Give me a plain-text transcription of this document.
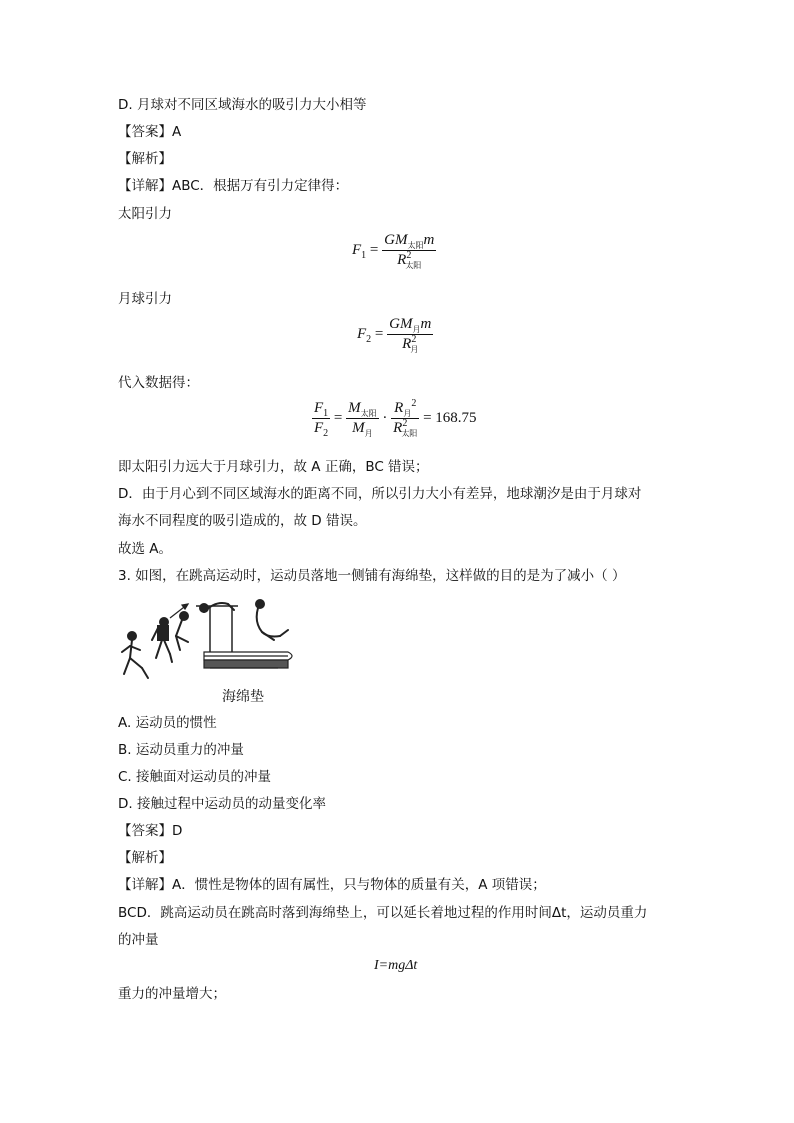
D. 月球对不同区域海水的吸引力大小相等
【答案】A
【解析】
【详解】ABC．根据万有引力定律得：
太阳引力
$F_1 = \frac{GM_{太阳}m}{R^2_{太阳}}$
月球引力
$F_2 = \frac{GM_月m}{R^2_月}$
代入数据得：
$\frac{F_1}{F_2} = \frac{M_{太阳}}{M_月} \cdot \frac{R_月^2}{R^2_{太阳}} = 168.75$
即太阳引力远大于月球引力，故 A 正确，BC 错误；
D．由于月心到不同区域海水的距离不同，所以引力大小有差异，地球潮汐是由于月球对
海水不同程度的吸引造成的，故 D 错误。
故选 A。
3. 如图，在跳高运动时，运动员落地一侧铺有海绵垫，这样做的目的是为了减小（ ）
海绵垫
A. 运动员的惯性
B. 运动员重力的冲量
C. 接触面对运动员的冲量
D. 接触过程中运动员的动量变化率
【答案】D
【解析】
【详解】A．惯性是物体的固有属性，只与物体的质量有关，A 项错误；
BCD．跳高运动员在跳高时落到海绵垫上，可以延长着地过程的作用时间Δt，运动员重力
的冲量
I=mgΔt
重力的冲量增大；
